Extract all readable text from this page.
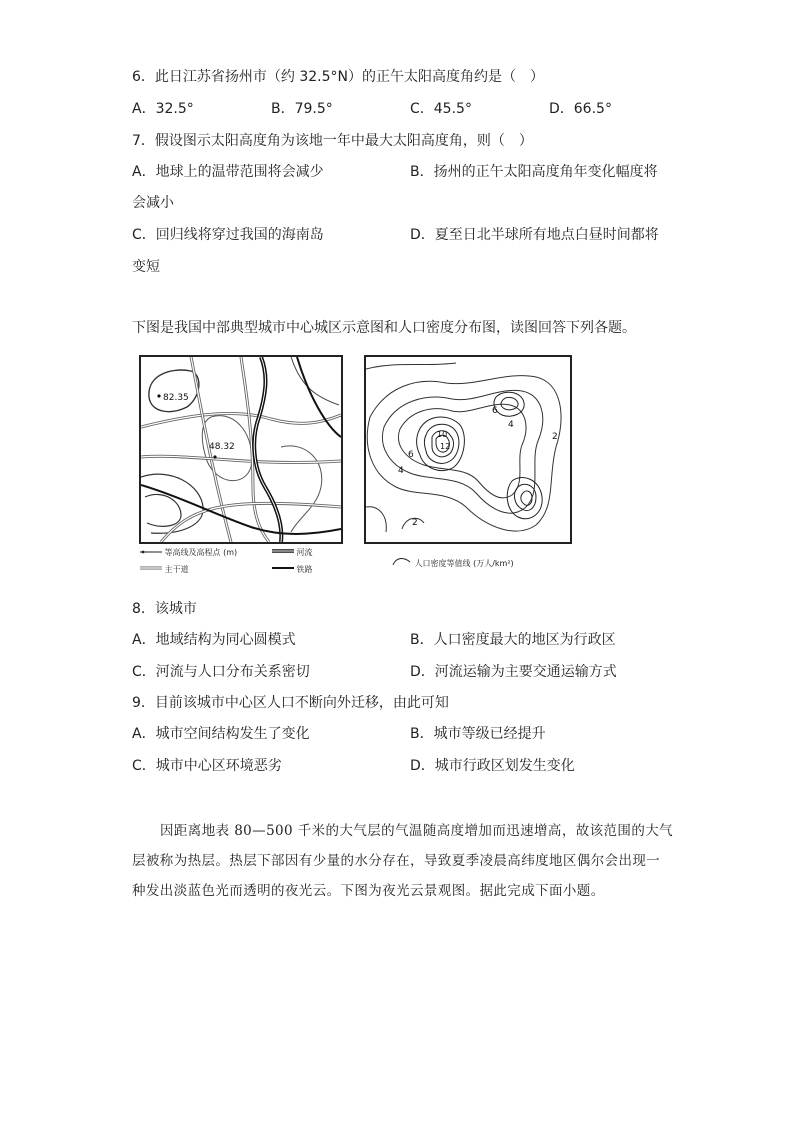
6．此日江苏省扬州市（约 32.5°N）的正午太阳高度角约是（　）
A．32.5°	B．79.5°	C．45.5°	D．66.5°
7．假设图示太阳高度角为该地一年中最大太阳高度角，则（　）
A．地球上的温带范围将会减少	B．扬州的正午太阳高度角年变化幅度将
会减小
C．回归线将穿过我国的海南岛	D．夏至日北半球所有地点白昼时间都将
变短
下图是我国中部典型城市中心城区示意图和人口密度分布图，读图回答下列各题。
82.35
48.32
等高线及高程点 (m)	河流
主干道	铁路
6
4
2
10
12
6
4
2
人口密度等值线 (万人/km²)
8．该城市
A．地域结构为同心圆模式	B．人口密度最大的地区为行政区
C．河流与人口分布关系密切	D．河流运输为主要交通运输方式
9．目前该城市中心区人口不断向外迁移，由此可知
A．城市空间结构发生了变化	B．城市等级已经提升
C．城市中心区环境恶劣	D．城市行政区划发生变化
因距离地表 80—500 千米的大气层的气温随高度增加而迅速增高，故该范围的大气
层被称为热层。热层下部因有少量的水分存在，导致夏季凌晨高纬度地区偶尔会出现一
种发出淡蓝色光而透明的夜光云。下图为夜光云景观图。据此完成下面小题。
